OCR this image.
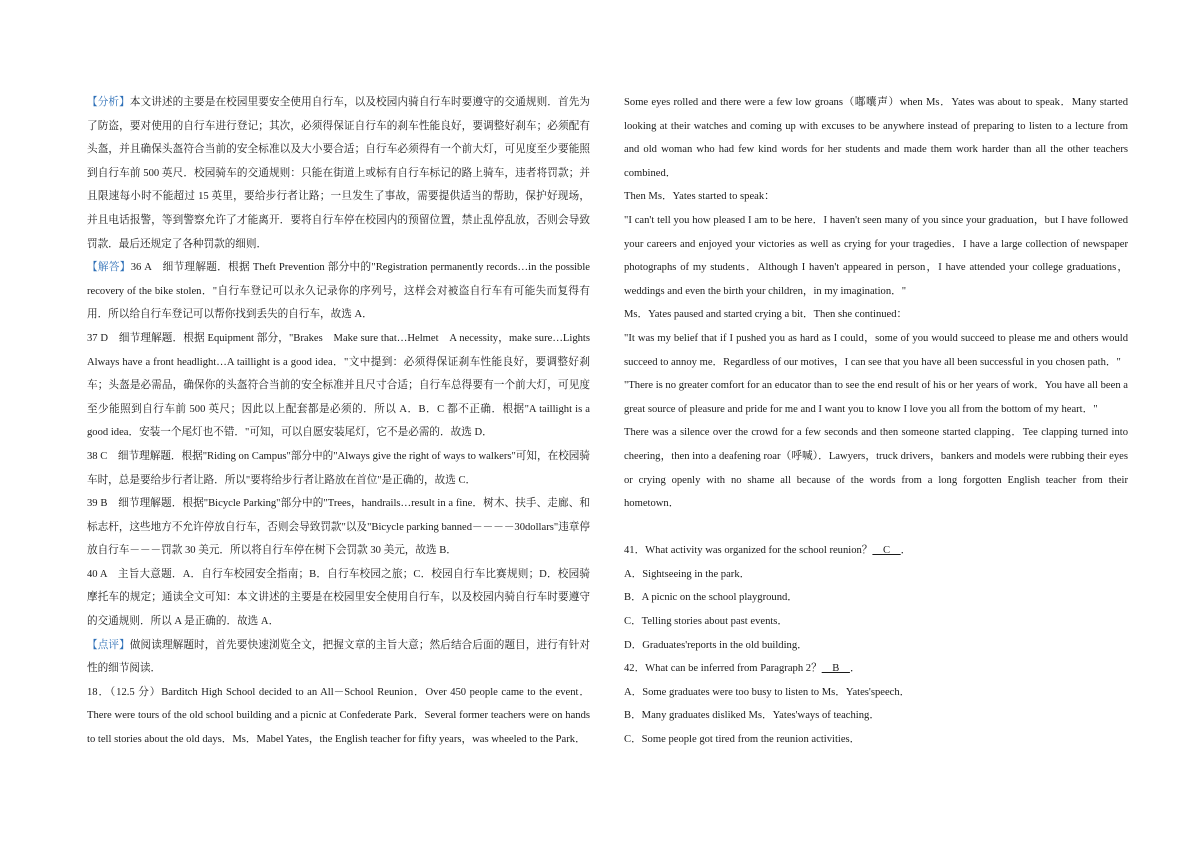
【分析】本文讲述的主要是在校园里要安全使用自行车，以及校园内骑自行车时要遵守的交通规则．首先为了防盗，要对使用的自行车进行登记；其次，必须得保证自行车的刹车性能良好，要调整好刹车；必须配有头盔，并且确保头盔符合当前的安全标准以及大小要合适；自行车必须得有一个前大灯，可见度至少要能照到自行车前 500 英尺．校园骑车的交通规则：只能在街道上或标有自行车标记的路上骑车，违者将罚款；并且限速每小时不能超过 15 英里，要给步行者让路；一旦发生了事故，需要提供适当的帮助，保护好现场，并且电话报警，等到警察允许了才能离开．要将自行车停在校园内的预留位置，禁止乱停乱放，否则会导致罚款．最后还规定了各种罚款的细则．

【解答】36 A　细节理解题．根据 Theft Prevention 部分中的"Registration permanently records…in the possible recovery of the bike stolen．"自行车登记可以永久记录你的序列号，这样会对被盗自行车有可能失而复得有用．所以给自行车登记可以帮你找到丢失的自行车，故选 A．

37 D　细节理解题．根据 Equipment 部分，"Brakes　Make sure that…Helmet　A necessity，make sure…Lights Always have a front headlight…A taillight is a good idea．"文中提到：必须得保证刹车性能良好，要调整好刹车；头盔是必需品，确保你的头盔符合当前的安全标准并且尺寸合适；自行车总得要有一个前大灯，可见度至少能照到自行车前 500 英尺；因此以上配套都是必须的．所以 A．B．C 都不正确．根据"A taillight is a good idea．安装一个尾灯也不错．"可知，可以自愿安装尾灯，它不是必需的．故选 D．

38 C　细节理解题．根据"Riding on Campus"部分中的"Always give the right of ways to walkers"可知，在校园骑车时，总是要给步行者让路．所以"要将给步行者让路放在首位"是正确的，故选 C．

39 B　细节理解题．根据"Bicycle Parking"部分中的"Trees，handrails…result in a fine．树木、扶手、走廊、和标志杆，这些地方不允许停放自行车，否则会导致罚款"以及"Bicycle parking banned－－－－30dollars"违章停放自行车－－－罚款 30 美元．所以将自行车停在树下会罚款 30 美元，故选 B．

40 A　主旨大意题．A．自行车校园安全指南；B．自行车校园之旅；C．校园自行车比赛规则；D．校园骑摩托车的规定；通读全文可知：本文讲述的主要是在校园里安全使用自行车，以及校园内骑自行车时要遵守的交通规则．所以 A 是正确的．故选 A．

【点评】做阅读理解题时，首先要快速浏览全文，把握文章的主旨大意；然后结合后面的题目，进行有针对性的细节阅读．

18．（12.5 分）Barditch High School decided to an All－School Reunion．Over 450 people came to the event．There were tours of the old school building and a picnic at Confederate Park．Several former teachers were on hands to tell stories about the old days．Ms．Mabel Yates，the English teacher for fifty years，was wheeled to the Park．

Some eyes rolled and there were a few low groans（嘟囔声）when Ms．Yates was about to speak．Many started looking at their watches and coming up with excuses to be anywhere instead of preparing to listen to a lecture from and old woman who had few kind words for her students and made them work harder than all the other teachers combined．

Then Ms．Yates started to speak：

"I can't tell you how pleased I am to be here．I haven't seen many of you since your graduation，but I have followed your careers and enjoyed your victories as well as crying for your tragedies．I have a large collection of newspaper photographs of my students．Although I haven't appeared in person，I have attended your college graduations，weddings and even the birth your children，in my imagination．"

Ms．Yates paused and started crying a bit．Then she continued：

"It was my belief that if I pushed you as hard as I could，some of you would succeed to please me and others would succeed to annoy me．Regardless of our motives，I can see that you have all been successful in you chosen path．"

"There is no greater comfort for an educator than to see the end result of his or her years of work．You have all been a great source of pleasure and pride for me and I want you to know I love you all from the bottom of my heart．"

There was a silence over the crowd for a few seconds and then someone started clapping．Tee clapping turned into cheering，then into a deafening roar（呼喊）．Lawyers，truck drivers，bankers and models were rubbing their eyes or crying openly with no shame all because of the words from a long forgotten English teacher from their hometown．

41．What activity was organized for the school reunion？　C　．

A．Sightseeing in the park．

B．A picnic on the school playground．

C．Telling stories about past events．

D．Graduates'reports in the old building．

42．What can be inferred from Paragraph 2？　B　．

A．Some graduates were too busy to listen to Ms．Yates'speech．

B．Many graduates disliked Ms．Yates'ways of teaching．

C．Some people got tired from the reunion activities．
